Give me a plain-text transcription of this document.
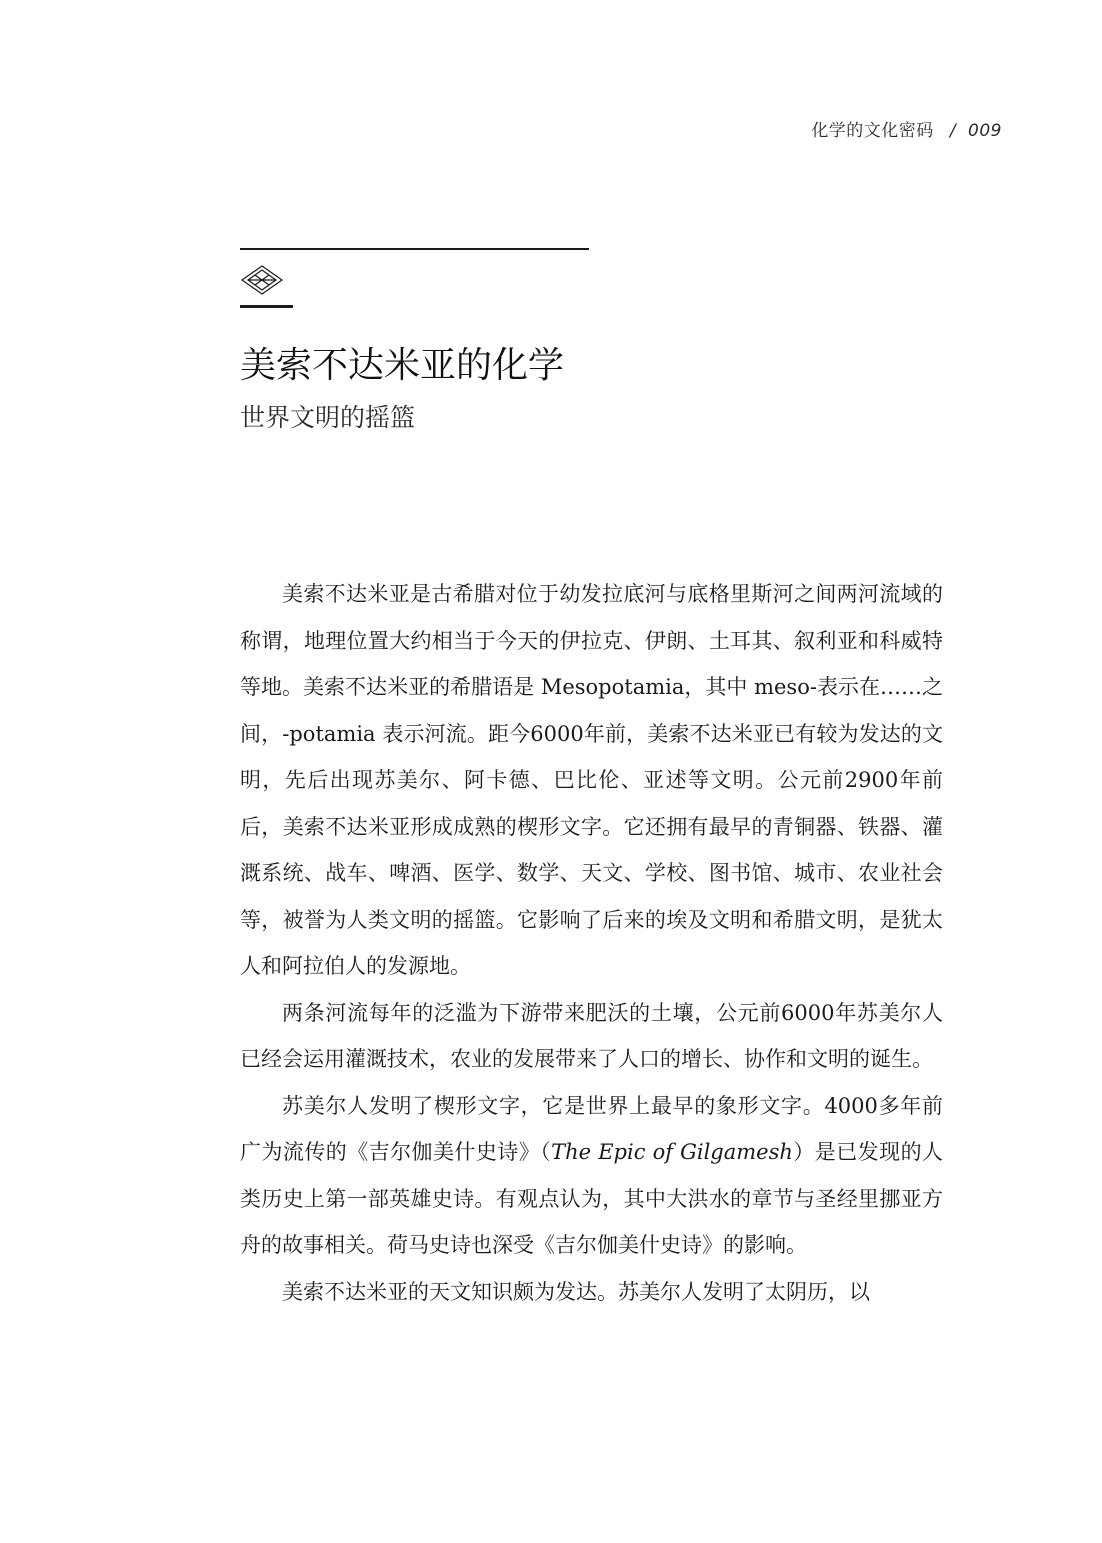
化学的文化密码 / 009
美索不达米亚的化学
世界文明的摇篮

美索不达米亚是古希腊对位于幼发拉底河与底格里斯河之间两河流域的称谓，地理位置大约相当于今天的伊拉克、伊朗、土耳其、叙利亚和科威特等地。美索不达米亚的希腊语是 Mesopotamia，其中 meso-表示在……之间，-potamia 表示河流。距今6000年前，美索不达米亚已有较为发达的文明，先后出现苏美尔、阿卡德、巴比伦、亚述等文明。公元前2900年前后，美索不达米亚形成成熟的楔形文字。它还拥有最早的青铜器、铁器、灌溉系统、战车、啤酒、医学、数学、天文、学校、图书馆、城市、农业社会等，被誉为人类文明的摇篮。它影响了后来的埃及文明和希腊文明，是犹太人和阿拉伯人的发源地。

两条河流每年的泛滥为下游带来肥沃的土壤，公元前6000年苏美尔人已经会运用灌溉技术，农业的发展带来了人口的增长、协作和文明的诞生。

苏美尔人发明了楔形文字，它是世界上最早的象形文字。4000多年前广为流传的《吉尔伽美什史诗》（The Epic of Gilgamesh）是已发现的人类历史上第一部英雄史诗。有观点认为，其中大洪水的章节与圣经里挪亚方舟的故事相关。荷马史诗也深受《吉尔伽美什史诗》的影响。

美索不达米亚的天文知识颇为发达。苏美尔人发明了太阴历，以
